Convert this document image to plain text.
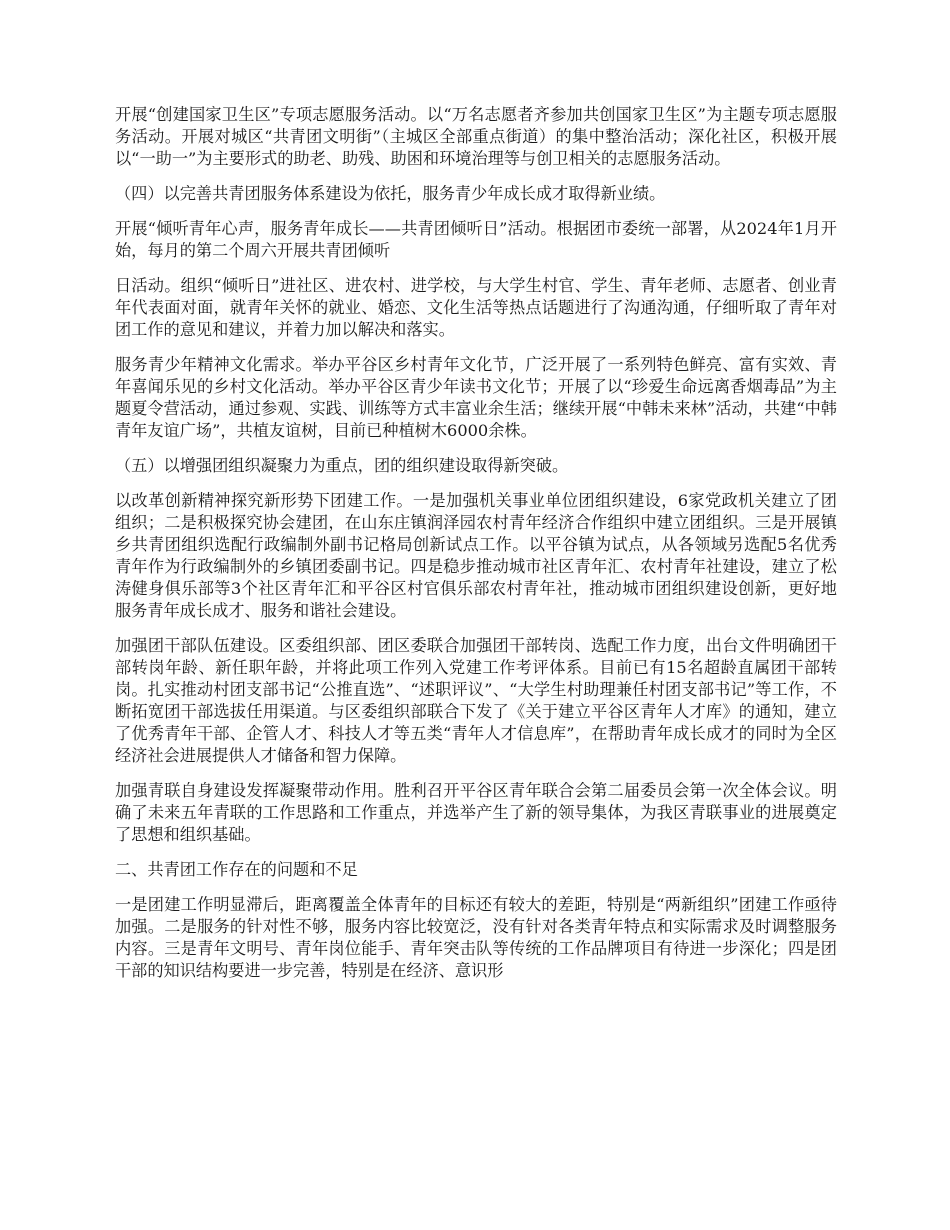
开展“创建国家卫生区”专项志愿服务活动。以“万名志愿者齐参加共创国家卫生区”为主题专项志愿服务活动。开展对城区“共青团文明街”（主城区全部重点街道）的集中整治活动；深化社区，积极开展以“一助一”为主要形式的助老、助残、助困和环境治理等与创卫相关的志愿服务活动。

（四）以完善共青团服务体系建设为依托，服务青少年成长成才取得新业绩。

开展“倾听青年心声，服务青年成长——共青团倾听日”活动。根据团市委统一部署，从2024年1月开始，每月的第二个周六开展共青团倾听

日活动。组织“倾听日”进社区、进农村、进学校，与大学生村官、学生、青年老师、志愿者、创业青年代表面对面，就青年关怀的就业、婚恋、文化生活等热点话题进行了沟通沟通，仔细听取了青年对团工作的意见和建议，并着力加以解决和落实。

服务青少年精神文化需求。举办平谷区乡村青年文化节，广泛开展了一系列特色鲜亮、富有实效、青年喜闻乐见的乡村文化活动。举办平谷区青少年读书文化节；开展了以“珍爱生命远离香烟毒品”为主题夏令营活动，通过参观、实践、训练等方式丰富业余生活；继续开展“中韩未来林”活动，共建“中韩青年友谊广场”，共植友谊树，目前已种植树木6000余株。

（五）以增强团组织凝聚力为重点，团的组织建设取得新突破。

以改革创新精神探究新形势下团建工作。一是加强机关事业单位团组织建设，6家党政机关建立了团组织；二是积极探究协会建团，在山东庄镇润泽园农村青年经济合作组织中建立团组织。三是开展镇乡共青团组织选配行政编制外副书记格局创新试点工作。以平谷镇为试点，从各领域另选配5名优秀青年作为行政编制外的乡镇团委副书记。四是稳步推动城市社区青年汇、农村青年社建设，建立了松涛健身俱乐部等3个社区青年汇和平谷区村官俱乐部农村青年社，推动城市团组织建设创新，更好地服务青年成长成才、服务和谐社会建设。

加强团干部队伍建设。区委组织部、团区委联合加强团干部转岗、选配工作力度，出台文件明确团干部转岗年龄、新任职年龄，并将此项工作列入党建工作考评体系。目前已有15名超龄直属团干部转岗。扎实推动村团支部书记“公推直选”、“述职评议”、“大学生村助理兼任村团支部书记”等工作，不断拓宽团干部选拔任用渠道。与区委组织部联合下发了《关于建立平谷区青年人才库》的通知，建立了优秀青年干部、企管人才、科技人才等五类“青年人才信息库”，在帮助青年成长成才的同时为全区经济社会进展提供人才储备和智力保障。

加强青联自身建设发挥凝聚带动作用。胜利召开平谷区青年联合会第二届委员会第一次全体会议。明确了未来五年青联的工作思路和工作重点，并选举产生了新的领导集体，为我区青联事业的进展奠定了思想和组织基础。

二、共青团工作存在的问题和不足

一是团建工作明显滞后，距离覆盖全体青年的目标还有较大的差距，特别是“两新组织”团建工作亟待加强。二是服务的针对性不够，服务内容比较宽泛，没有针对各类青年特点和实际需求及时调整服务内容。三是青年文明号、青年岗位能手、青年突击队等传统的工作品牌项目有待进一步深化；四是团干部的知识结构要进一步完善，特别是在经济、意识形
